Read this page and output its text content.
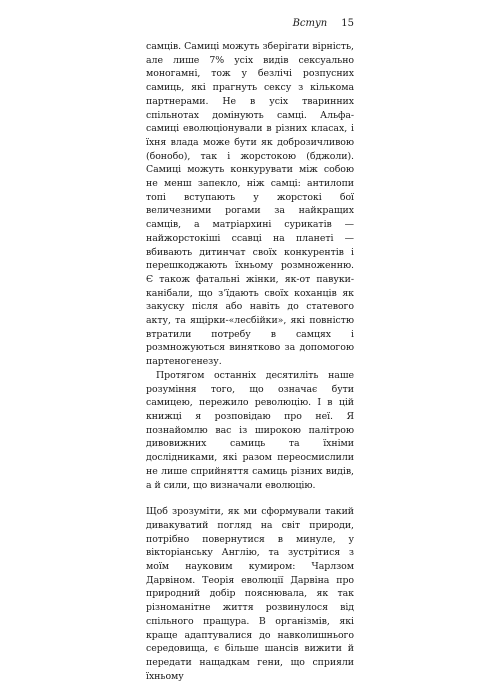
Вступ 15

самців. Самиці можуть зберігати вірність, але лише 7% усіх видів сексуально моногамні, тож у безлічі розпусних самиць, які прагнуть сексу з кількома партнерами. Не в усіх тваринних спільнотах домінують самці. Альфа-самиці еволюціонували в різних класах, і їхня влада може бути як доброзичливою (бонобо), так і жорстокою (бджоли). Самиці можуть конкурувати між собою не менш запекло, ніж самці: антилопи топі вступають у жорстокі бої величезними рогами за найкращих самців, а матріархині сурикатів — найжорстокіші ссавці на планеті — вбивають дитинчат своїх конкурентів і перешкоджають їхньому розмноженню. Є також фатальні жінки, як-от павуки-канібали, що з’їдають своїх коханців як закуску після або навіть до статевого акту, та ящірки-«лесбійки», які повністю втратили потребу в самцях і розмножуються винятково за допомогою партеногенезу.

Протягом останніх десятиліть наше розуміння того, що означає бути самицею, пережило революцію. І в цій книжці я розповідаю про неї. Я познайомлю вас із широкою палітрою дивовижних самиць та їхніми дослідниками, які разом переосмислили не лише сприйняття самиць різних видів, а й сили, що визначали еволюцію.

Щоб зрозуміти, як ми сформували такий дивакуватий погляд на світ природи, потрібно повернутися в минуле, у вікторіанську Англію, та зустрітися з моїм науковим кумиром: Чарлзом Дарвіном. Теорія еволюції Дарвіна про природний добір пояснювала, як так різноманітне життя розвинулося від спільного пращура. В організмів, які краще адаптувалися до навколишнього середовища, є більше шансів вижити й передати нащадкам гени, що сприяли їхньому
